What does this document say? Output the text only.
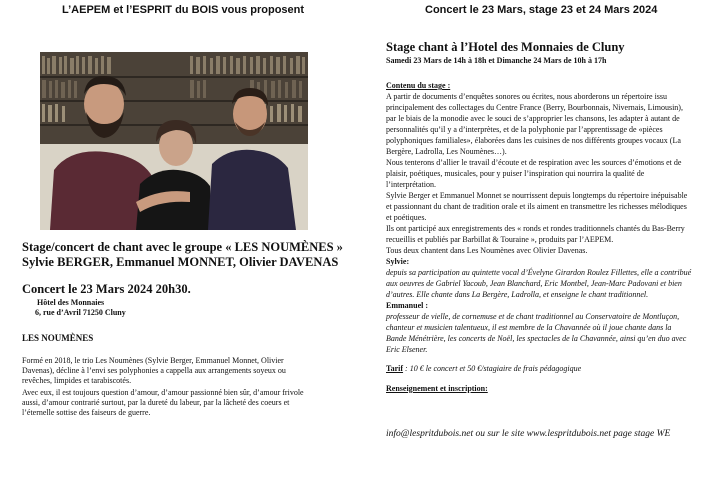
L’AEPEM et l’ESPRIT du BOIS vous proposent	Concert le 23 Mars, stage 23 et 24 Mars 2024
Stage/concert de chant avec le groupe « LES NOUMÈNES »
Sylvie BERGER, Emmanuel MONNET, Olivier DAVENAS
Concert le 23 Mars 2024 20h30.
Hôtel des Monnaies
6, rue d’Avril 71250 Cluny
LES NOUMÈNES
Formé en 2018, le trio Les Noumènes (Sylvie Berger, Emmanuel Monnet, Olivier Davenas), décline à l’envi ses polyphonies a cappella aux arrangements soyeux ou revêches, limpides et tarabiscotés.
Avec eux, il est toujours question d’amour, d’amour passionné bien sûr, d’amour frivole aussi, d’amour contrarié surtout, par la dureté du labeur, par la lâcheté des coeurs et l’éternelle sottise des faiseurs de guerre.
Stage chant à l’Hotel des Monnaies de Cluny
Samedi 23 Mars de 14h à 18h et Dimanche 24 Mars de 10h à 17h
Contenu du stage :
A partir de documents d’enquêtes sonores ou écrites, nous aborderons un répertoire issu principalement des collectages du Centre France (Berry, Bourbonnais, Nivernais, Limousin), par le biais de la monodie avec le souci de s’approprier les chansons, les adapter à autant de personnalités qu’il y a d’interprètes, et de la polyphonie par l’apprentissage de «pièces polyphoniques familiales», élaborées dans les cuisines de nos différents groupes vocaux (La Bergère, Ladrolla, Les Noumènes…).
Nous tenterons d’allier le travail d’écoute et de respiration avec les sources d’émotions et de plaisir, poétiques, musicales, pour y puiser l’inspiration qui nourrira la qualité de l’interprétation.
Sylvie Berger et Emmanuel Monnet se nourrissent depuis longtemps du répertoire inépuisable et passionnant du chant de tradition orale et ils aiment en transmettre les richesses mélodiques et poétiques.
Ils ont participé aux enregistrements des « ronds et rondes traditionnels chantés du Bas-Berry recueillis et publiés par Barbillat & Touraine », produits par l’AEPEM.
Tous deux chantent dans Les Noumènes avec Olivier Davenas.
Sylvie:
depuis sa participation au quintette vocal d’Évelyne Girardon Roulez Fillettes, elle a contribué aux oeuvres de Gabriel Yacoub, Jean Blanchard, Eric Montbel, Jean-Marc Padovani et bien d’autres. Elle chante dans La Bergère, Ladrolla, et enseigne le chant traditionnel.
Emmanuel :
professeur de vielle, de cornemuse et de chant traditionnel au Conservatoire de Montluçon, chanteur et musicien talentueux, il est membre de la Chavannée où il joue chante dans la Bande Ménétrière, les concerts de Noël, les spectacles de la Chavannée, ainsi qu’en duo avec Eric Elsener.
Tarif : 10 € le concert et 50 €/stagiaire de frais pédagogique
Renseignement et inscription:
info@lespritdubois.net ou sur le site www.lespritdubois.net page stage WE
